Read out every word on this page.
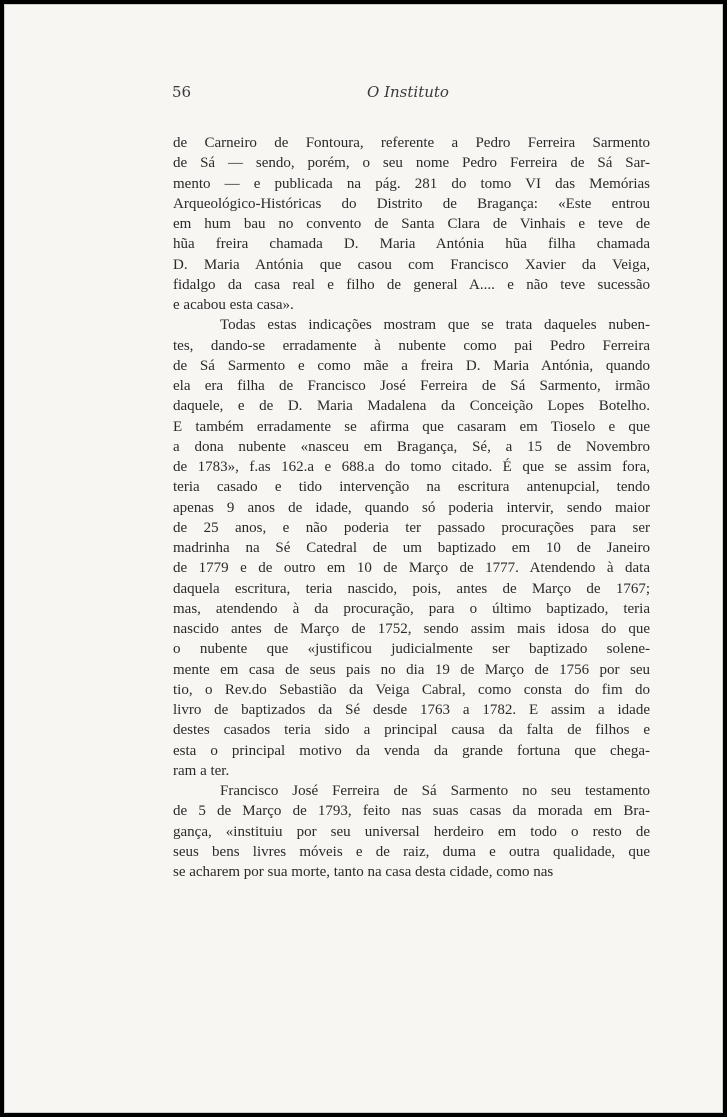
56	O Instituto
de Carneiro de Fontoura, referente a Pedro Ferreira Sarmento
de Sá — sendo, porém, o seu nome Pedro Ferreira de Sá Sar-
mento — e publicada na pág. 281 do tomo VI das Memórias
Arqueológico-Históricas do Distrito de Bragança: «Este entrou
em hum bau no convento de Santa Clara de Vinhais e teve de
hũa freira chamada D. Maria Antónia hũa filha chamada
D. Maria Antónia que casou com Francisco Xavier da Veiga,
fidalgo da casa real e filho de general A.... e não teve sucessão
e acabou esta casa».
Todas estas indicações mostram que se trata daqueles nuben-
tes, dando-se erradamente à nubente como pai Pedro Ferreira
de Sá Sarmento e como mãe a freira D. Maria Antónia, quando
ela era filha de Francisco José Ferreira de Sá Sarmento, irmão
daquele, e de D. Maria Madalena da Conceição Lopes Botelho.
E também erradamente se afirma que casaram em Tioselo e que
a dona nubente «nasceu em Bragança, Sé, a 15 de Novembro
de 1783», f.as 162.a e 688.a do tomo citado. É que se assim fora,
teria casado e tido intervenção na escritura antenupcial, tendo
apenas 9 anos de idade, quando só poderia intervir, sendo maior
de 25 anos, e não poderia ter passado procurações para ser
madrinha na Sé Catedral de um baptizado em 10 de Janeiro
de 1779 e de outro em 10 de Março de 1777. Atendendo à data
daquela escritura, teria nascido, pois, antes de Março de 1767;
mas, atendendo à da procuração, para o último baptizado, teria
nascido antes de Março de 1752, sendo assim mais idosa do que
o nubente que «justificou judicialmente ser baptizado solene-
mente em casa de seus pais no dia 19 de Março de 1756 por seu
tio, o Rev.do Sebastião da Veiga Cabral, como consta do fim do
livro de baptizados da Sé desde 1763 a 1782. E assim a idade
destes casados teria sido a principal causa da falta de filhos e
esta o principal motivo da venda da grande fortuna que chega-
ram a ter.
Francisco José Ferreira de Sá Sarmento no seu testamento
de 5 de Março de 1793, feito nas suas casas da morada em Bra-
gança, «instituiu por seu universal herdeiro em todo o resto de
seus bens livres móveis e de raiz, duma e outra qualidade, que
se acharem por sua morte, tanto na casa desta cidade, como nas
